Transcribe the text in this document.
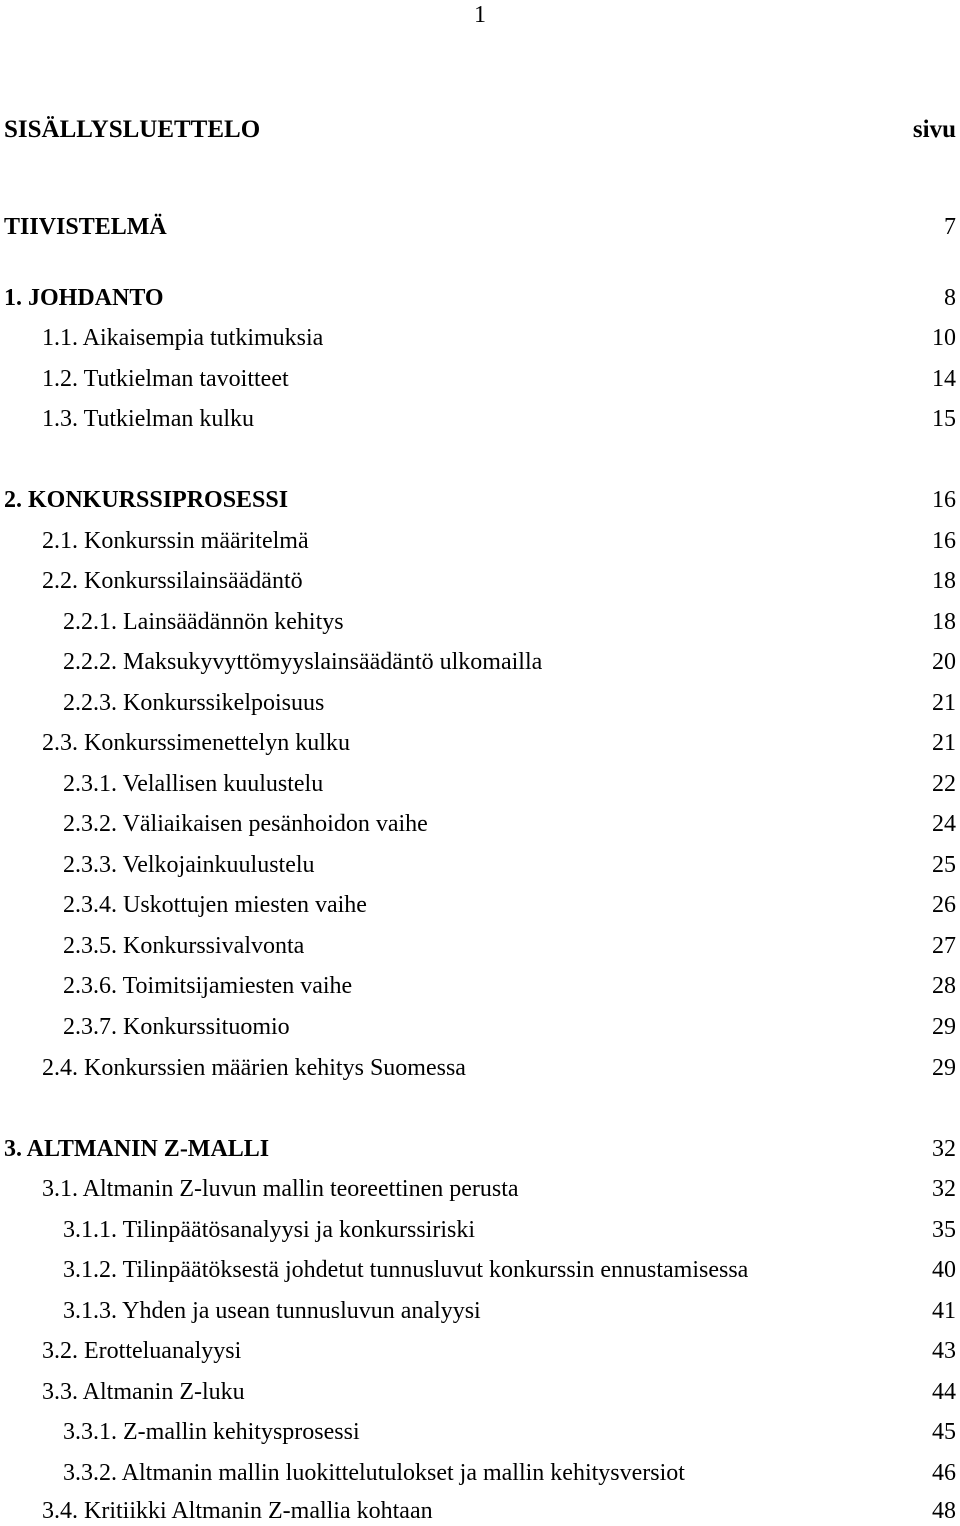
1
SISÄLLYSLUETTELO	sivu
TIIVISTELMÄ	7
1. JOHDANTO	8
1.1. Aikaisempia tutkimuksia	10
1.2. Tutkielman tavoitteet	14
1.3. Tutkielman kulku	15
2. KONKURSSIPROSESSI	16
2.1. Konkurssin määritelmä	16
2.2. Konkurssilainsäädäntö	18
2.2.1. Lainsäädännön kehitys	18
2.2.2. Maksukyvyttömyyslainsäädäntö ulkomailla	20
2.2.3. Konkurssikelpoisuus	21
2.3. Konkurssimenettelyn kulku	21
2.3.1. Velallisen kuulustelu	22
2.3.2. Väliaikaisen pesänhoidon vaihe	24
2.3.3. Velkojainkuulustelu	25
2.3.4. Uskottujen miesten vaihe	26
2.3.5. Konkurssivalvonta	27
2.3.6. Toimitsijamiesten vaihe	28
2.3.7. Konkurssituomio	29
2.4. Konkurssien määrien kehitys Suomessa	29
3. ALTMANIN Z-MALLI	32
3.1. Altmanin Z-luvun mallin teoreettinen perusta	32
3.1.1. Tilinpäätösanalyysi ja konkurssiriski	35
3.1.2. Tilinpäätöksestä johdetut tunnusluvut konkurssin ennustamisessa	40
3.1.3. Yhden ja usean tunnusluvun analyysi	41
3.2. Erotteluanalyysi	43
3.3. Altmanin Z-luku	44
3.3.1. Z-mallin kehitysprosessi	45
3.3.2. Altmanin mallin luokittelutulokset ja mallin kehitysversiot	46
3.4. Kritiikki Altmanin Z-mallia kohtaan	48
